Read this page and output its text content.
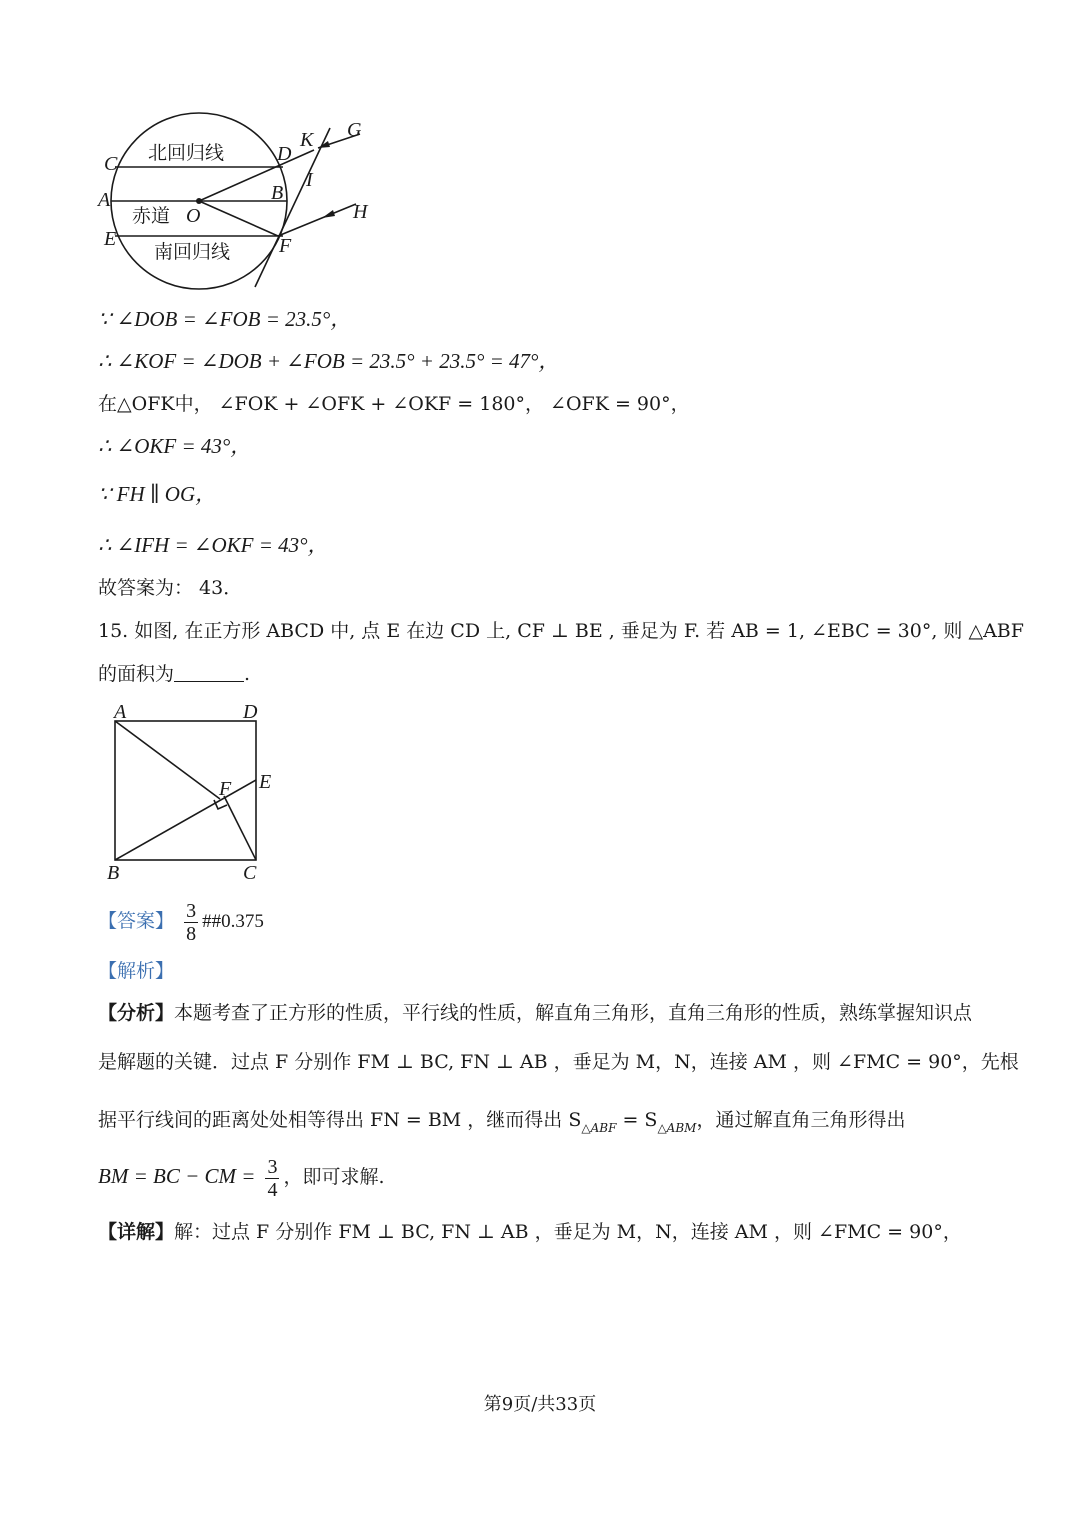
C
A
E
D
K G
B
I
O
F
H
北回归线
赤道
南回归线
∵ ∠DOB = ∠FOB = 23.5°，
∴ ∠KOF = ∠DOB + ∠FOB = 23.5° + 23.5° = 47°，
在△OFK中， ∠FOK + ∠OFK + ∠OKF = 180°， ∠OFK = 90°，
∴ ∠OKF = 43°，
∵ FH ∥ OG，
∴ ∠IFH = ∠OKF = 43°，
故答案为： 43．
15. 如图, 在正方形 ABCD 中, 点 E 在边 CD 上, CF ⊥ BE , 垂足为 F. 若 AB = 1, ∠EBC = 30°, 则 △ABF
的面积为	.
A	D
F E
B	C
【答案】 $\frac{3}{8}$ ##0.375
【解析】
【分析】本题考查了正方形的性质，平行线的性质，解直角三角形，直角三角形的性质，熟练掌握知识点
是解题的关键．过点 F 分别作 FM ⊥ BC, FN ⊥ AB ，垂足为 M，N，连接 AM ，则 ∠FMC = 90°，先根
据平行线间的距离处处相等得出 FN = BM ，继而得出 $S_{\triangle ABF} = S_{\triangle ABM}$，通过解直角三角形得出
BM = BC − CM = $\frac{3}{4}$ ，即可求解.
【详解】解：过点 F 分别作 FM ⊥ BC, FN ⊥ AB ，垂足为 M，N，连接 AM ，则 ∠FMC = 90°，
第9页/共33页
